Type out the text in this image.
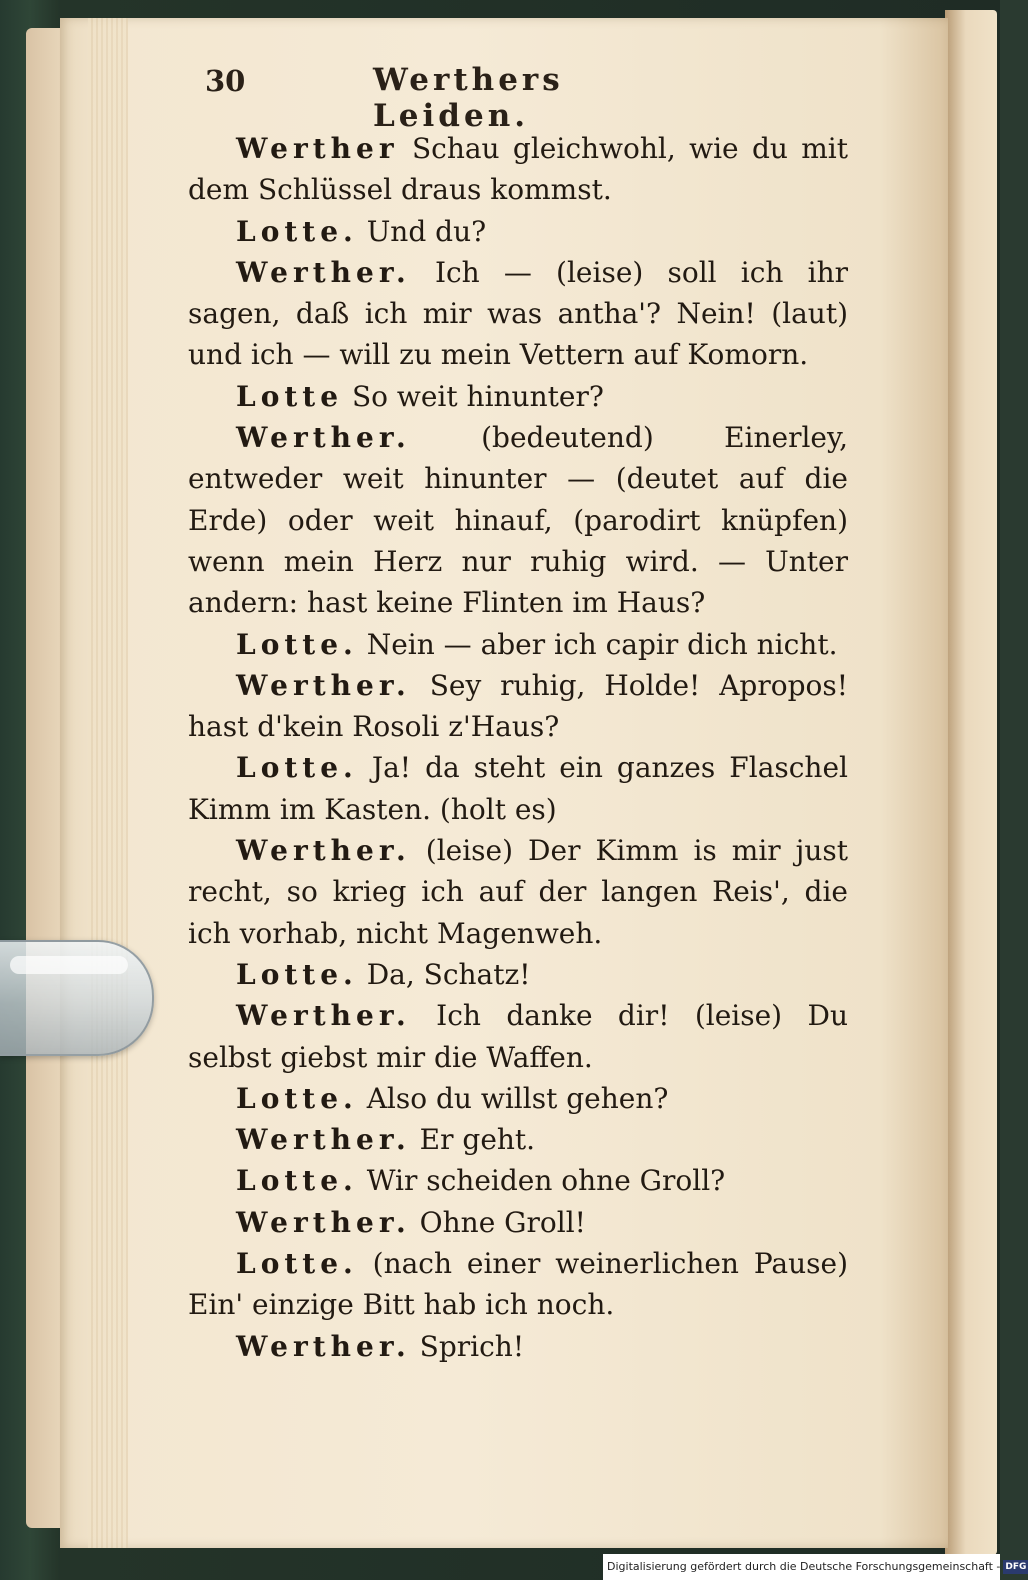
30	Werthers Leiden.

Werther Schau gleichwohl, wie du mit dem Schlüssel draus kommst.

Lotte. Und du?

Werther. Ich — (leise) soll ich ihr sagen, daß ich mir was antha'? Nein! (laut) und ich — will zu mein Vettern auf Komorn.

Lotte So weit hinunter?

Werther.	(bedeutend) Einerley, entweder weit hinunter — (deutet auf die Erde) oder weit hinauf, (parodirt knüpfen) wenn mein Herz nur ruhig wird. — Unter andern: hast keine Flinten im Haus?

Lotte. Nein — aber ich capir dich nicht.

Werther. Sey ruhig, Holde! Apropos! hast d'kein Rosoli z'Haus?

Lotte. Ja! da steht ein ganzes Flaschel Kimm im Kasten. (holt es)

Werther. (leise) Der Kimm is mir just recht, so krieg ich auf der langen Reis', die ich vorhab, nicht Magenweh.

Lotte. Da, Schatz!

Werther. Ich danke dir! (leise) Du selbst giebst mir die Waffen.

Lotte. Also du willst gehen?

Werther. Er geht.

Lotte. Wir scheiden ohne Groll?

Werther. Ohne Groll!

Lotte. (nach einer weinerlichen Pause) Ein' einzige Bitt hab ich noch.

Werther. Sprich!

Digitalisierung gefördert durch die Deutsche Forschungsgemeinschaft - DFG
